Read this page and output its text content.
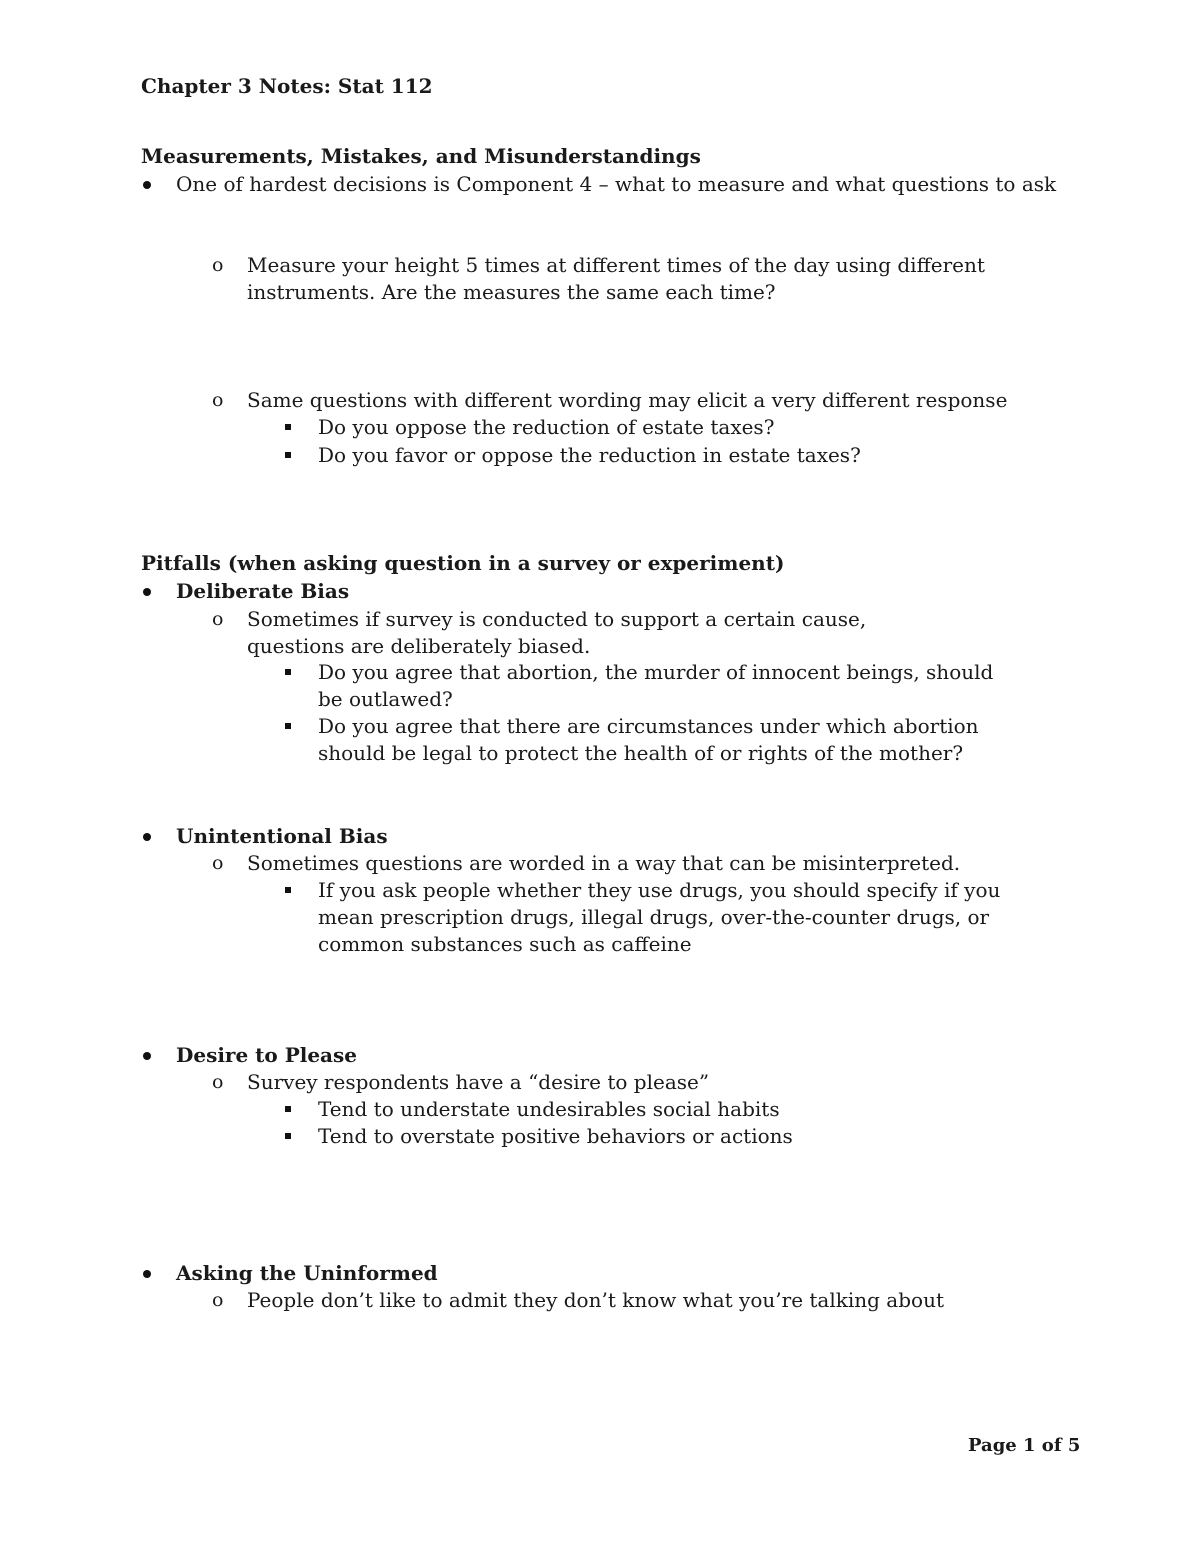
Chapter 3 Notes: Stat 112
Measurements, Mistakes, and Misunderstandings
One of hardest decisions is Component 4 – what to measure and what questions to ask
o Measure your height 5 times at different times of the day using different instruments. Are the measures the same each time?
o Same questions with different wording may elicit a very different response
Do you oppose the reduction of estate taxes?
Do you favor or oppose the reduction in estate taxes?
Pitfalls (when asking question in a survey or experiment)
Deliberate Bias
o Sometimes if survey is conducted to support a certain cause, questions are deliberately biased.
Do you agree that abortion, the murder of innocent beings, should be outlawed?
Do you agree that there are circumstances under which abortion should be legal to protect the health of or rights of the mother?
Unintentional Bias
o Sometimes questions are worded in a way that can be misinterpreted.
If you ask people whether they use drugs, you should specify if you mean prescription drugs, illegal drugs, over-the-counter drugs, or common substances such as caffeine
Desire to Please
o Survey respondents have a “desire to please”
Tend to understate undesirables social habits
Tend to overstate positive behaviors or actions
Asking the Uninformed
o People don’t like to admit they don’t know what you’re talking about
Page 1 of 5
